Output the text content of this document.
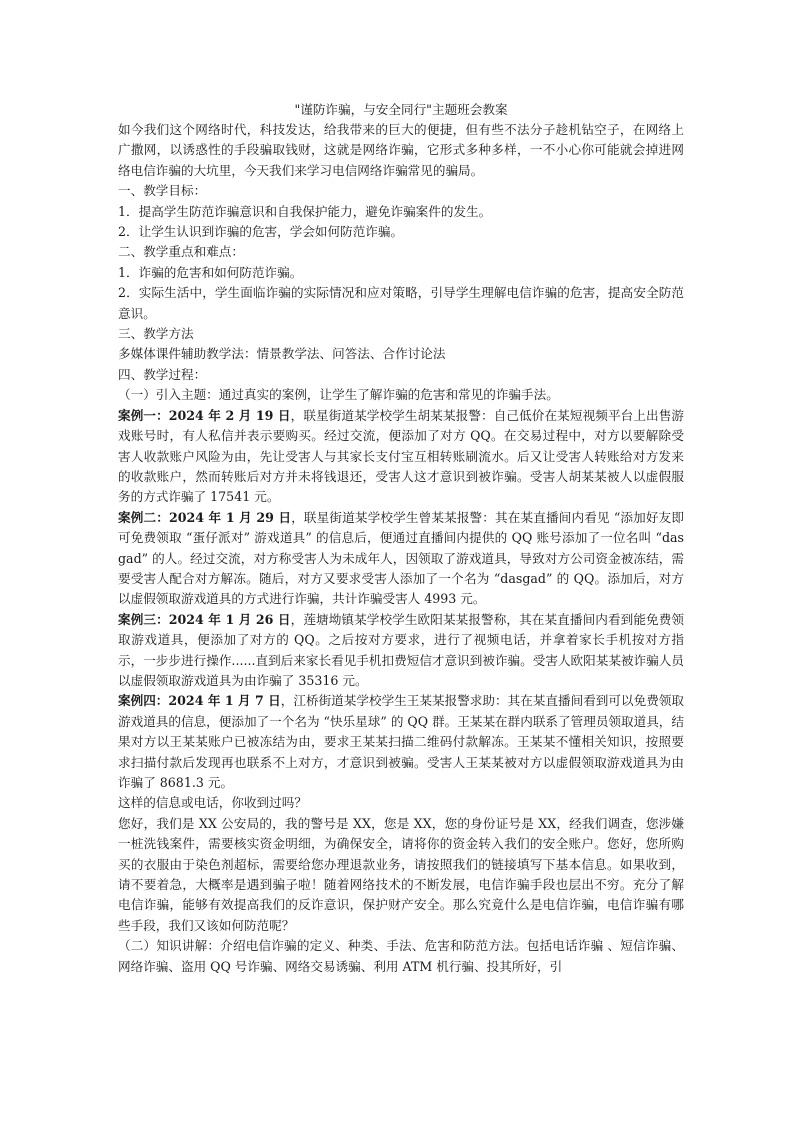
"谨防诈骗，与安全同行"主题班会教案

如今我们这个网络时代，科技发达，给我带来的巨大的便捷，但有些不法分子趁机钻空子，在网络上广撒网，以诱惑性的手段骗取钱财，这就是网络诈骗，它形式多种多样，一不小心你可能就会掉进网络电信诈骗的大坑里，今天我们来学习电信网络诈骗常见的骗局。

一、教学目标：

1．提高学生防范诈骗意识和自我保护能力，避免诈骗案件的发生。

2．让学生认识到诈骗的危害，学会如何防范诈骗。

二、教学重点和难点：

1．诈骗的危害和如何防范诈骗。

2．实际生活中，学生面临诈骗的实际情况和应对策略，引导学生理解电信诈骗的危害，提高安全防范意识。

三、教学方法

多媒体课件辅助教学法：情景教学法、问答法、合作讨论法

四、教学过程：

（一）引入主题：通过真实的案例，让学生了解诈骗的危害和常见的诈骗手法。

案例一：2024 年 2 月 19 日，联星街道某学校学生胡某某报警：自己低价在某短视频平台上出售游戏账号时，有人私信并表示要购买。经过交流，便添加了对方 QQ。在交易过程中，对方以要解除受害人收款账户风险为由，先让受害人与其家长支付宝互相转账刷流水。后又让受害人转账给对方发来的收款账户，然而转账后对方并未将钱退还，受害人这才意识到被诈骗。受害人胡某某被人以虚假服务的方式诈骗了 17541 元。

案例二：2024 年 1 月 29 日，联星街道某学校学生曾某某报警：其在某直播间内看见 “添加好友即可免费领取 “蛋仔派对” 游戏道具” 的信息后，便通过直播间内提供的 QQ 账号添加了一位名叫 “dasgad” 的人。经过交流，对方称受害人为未成年人，因领取了游戏道具，导致对方公司资金被冻结，需要受害人配合对方解冻。随后，对方又要求受害人添加了一个名为 “dasgad” 的 QQ。添加后，对方以虚假领取游戏道具的方式进行诈骗，共计诈骗受害人 4993 元。

案例三：2024 年 1 月 26 日，莲塘坳镇某学校学生欧阳某某报警称，其在某直播间内看到能免费领取游戏道具，便添加了对方的 QQ。之后按对方要求，进行了视频电话，并拿着家长手机按对方指示，一步步进行操作......直到后来家长看见手机扣费短信才意识到被诈骗。受害人欧阳某某被诈骗人员以虚假领取游戏道具为由诈骗了 35316 元。

案例四：2024 年 1 月 7 日，江桥街道某学校学生王某某报警求助：其在某直播间看到可以免费领取游戏道具的信息，便添加了一个名为 “快乐星球” 的 QQ 群。王某某在群内联系了管理员领取道具，结果对方以王某某账户已被冻结为由，要求王某某扫描二维码付款解冻。王某某不懂相关知识，按照要求扫描付款后发现再也联系不上对方，才意识到被骗。受害人王某某被对方以虚假领取游戏道具为由诈骗了 8681.3 元。

这样的信息或电话，你收到过吗？

您好，我们是 XX 公安局的，我的警号是 XX，您是 XX，您的身份证号是 XX，经我们调查，您涉嫌一桩洗钱案件，需要核实资金明细，为确保安全，请将你的资金转入我们的安全账户。您好，您所购买的衣服由于染色剂超标，需要给您办理退款业务，请按照我们的链接填写下基本信息。如果收到，请不要着急，大概率是遇到骗子啦！随着网络技术的不断发展，电信诈骗手段也层出不穷。充分了解电信诈骗，能够有效提高我们的反诈意识，保护财产安全。那么究竟什么是电信诈骗，电信诈骗有哪些手段，我们又该如何防范呢？

（二）知识讲解：介绍电信诈骗的定义、种类、手法、危害和防范方法。包括电话诈骗 、短信诈骗、网络诈骗、盗用 QQ 号诈骗、网络交易诱骗、利用 ATM 机行骗、投其所好，引
